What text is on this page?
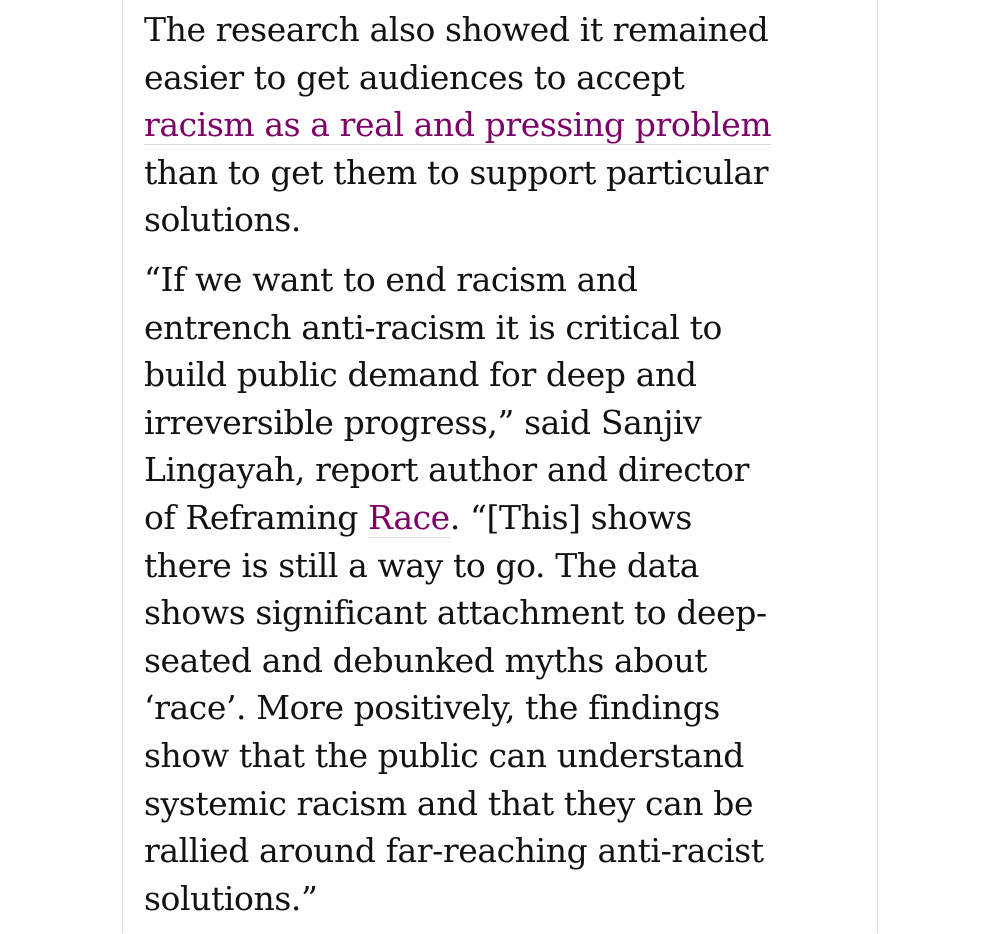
The research also showed it remained easier to get audiences to accept racism as a real and pressing problem than to get them to support particular solutions.

“If we want to end racism and entrench anti-racism it is critical to build public demand for deep and irreversible progress,” said Sanjiv Lingayah, report author and director of Reframing Race. “[This] shows there is still a way to go. The data shows significant attachment to deep-seated and debunked myths about ‘race’. More positively, the findings show that the public can understand systemic racism and that they can be rallied around far-reaching anti-racist solutions.”
